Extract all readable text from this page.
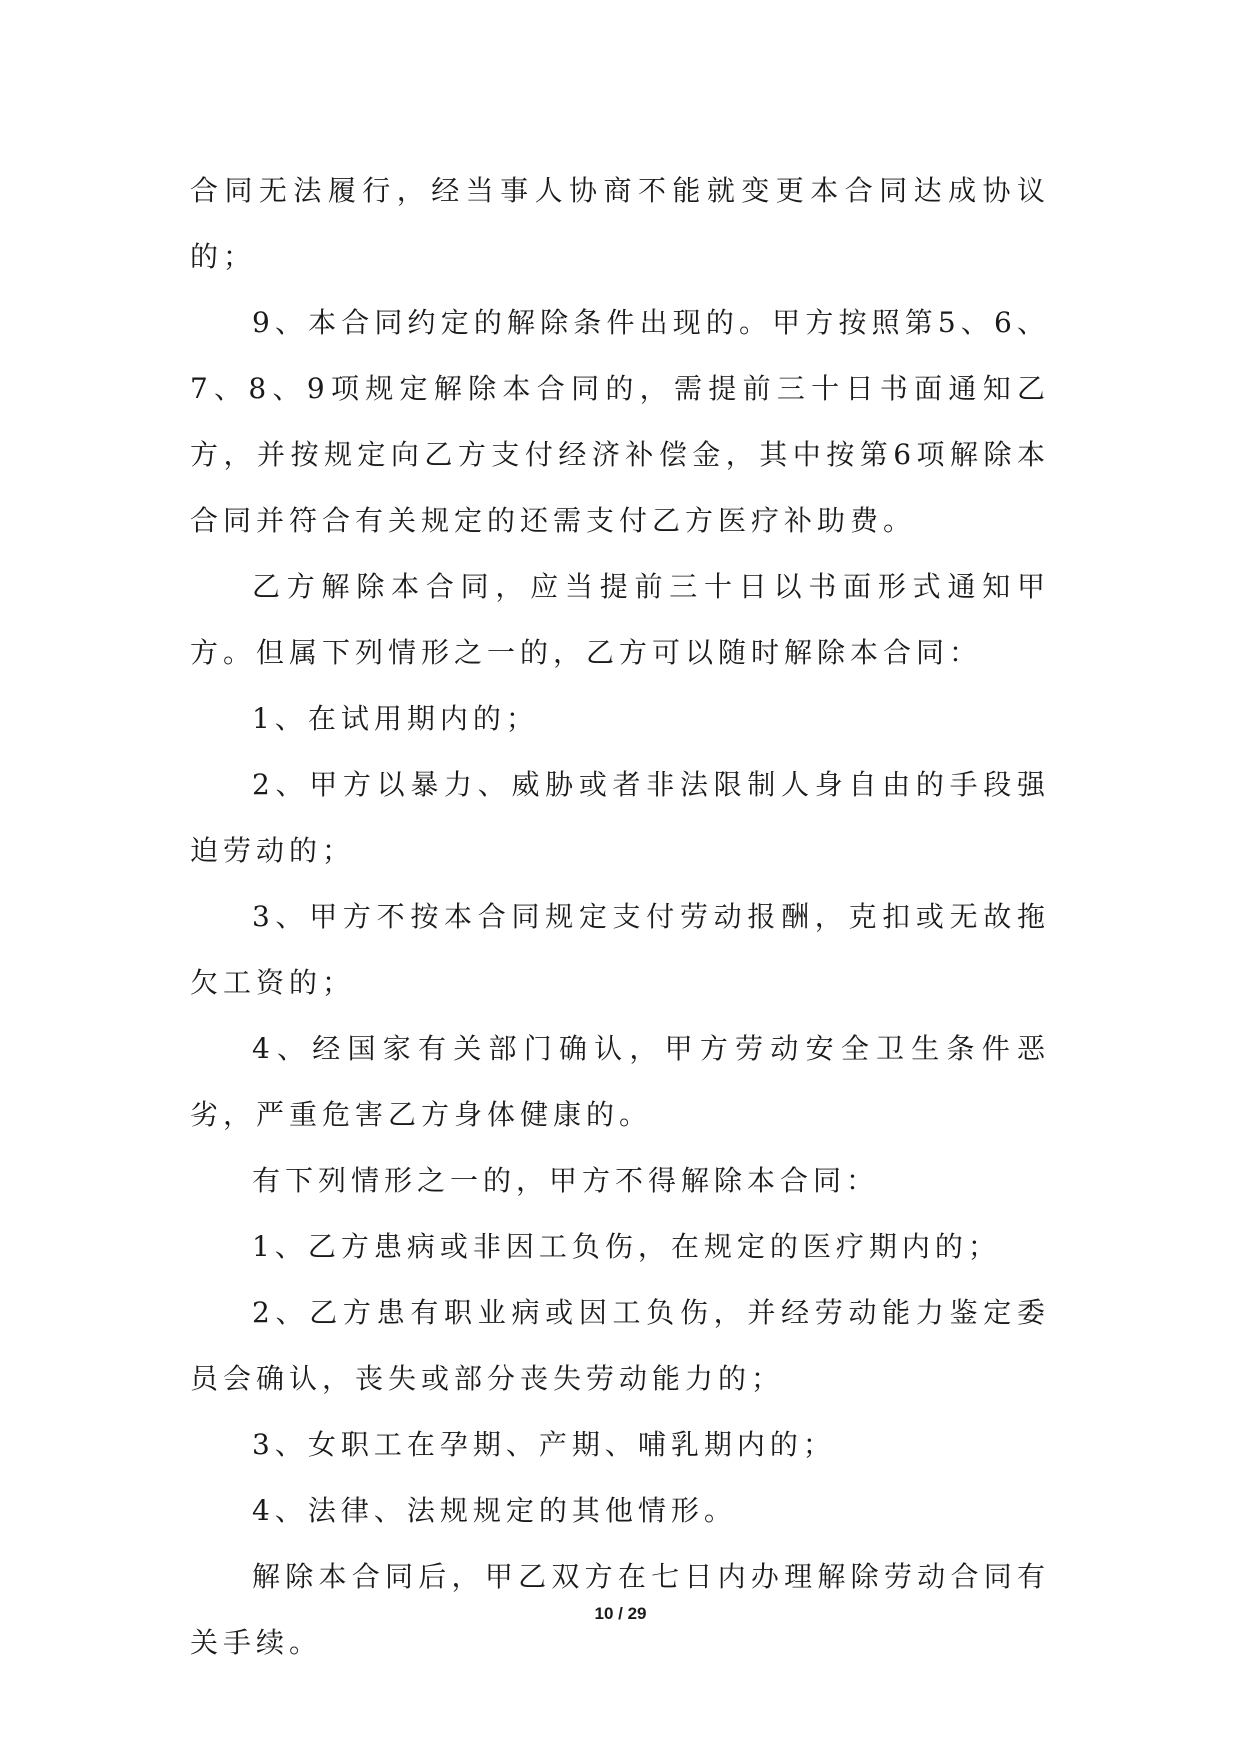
合同无法履行，经当事人协商不能就变更本合同达成协议的；

9、本合同约定的解除条件出现的。甲方按照第5、6、7、8、9项规定解除本合同的，需提前三十日书面通知乙方，并按规定向乙方支付经济补偿金，其中按第6项解除本合同并符合有关规定的还需支付乙方医疗补助费。

乙方解除本合同，应当提前三十日以书面形式通知甲方。但属下列情形之一的，乙方可以随时解除本合同：

1、在试用期内的；

2、甲方以暴力、威胁或者非法限制人身自由的手段强迫劳动的；

3、甲方不按本合同规定支付劳动报酬，克扣或无故拖欠工资的；

4、经国家有关部门确认，甲方劳动安全卫生条件恶劣，严重危害乙方身体健康的。

有下列情形之一的，甲方不得解除本合同：

1、乙方患病或非因工负伤，在规定的医疗期内的；

2、乙方患有职业病或因工负伤，并经劳动能力鉴定委员会确认，丧失或部分丧失劳动能力的；

3、女职工在孕期、产期、哺乳期内的；

4、法律、法规规定的其他情形。

解除本合同后，甲乙双方在七日内办理解除劳动合同有关手续。

10 / 29
